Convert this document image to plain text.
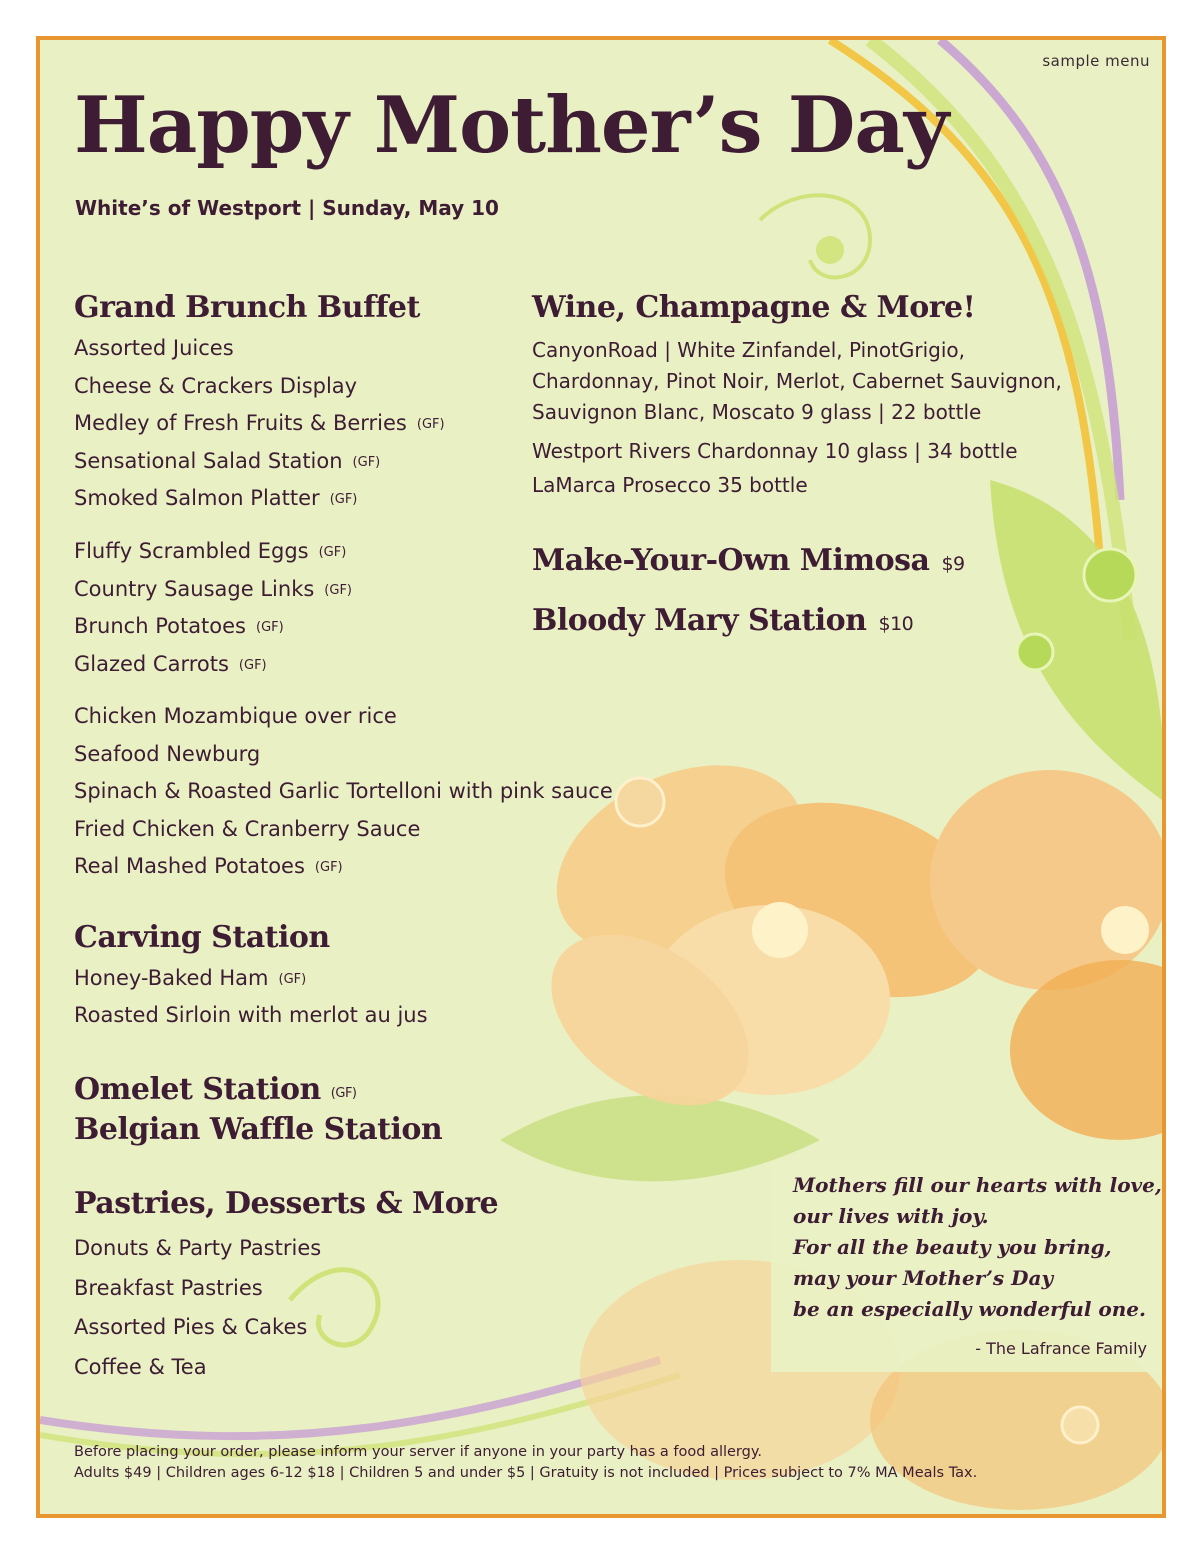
sample menu
Happy Mother’s Day
White’s of Westport | Sunday, May 10
Grand Brunch Buffet
Assorted Juices
Cheese & Crackers Display
Medley of Fresh Fruits & Berries (GF)
Sensational Salad Station (GF)
Smoked Salmon Platter (GF)
Fluffy Scrambled Eggs (GF)
Country Sausage Links (GF)
Brunch Potatoes (GF)
Glazed Carrots (GF)
Chicken Mozambique over rice
Seafood Newburg
Spinach & Roasted Garlic Tortelloni with pink sauce
Fried Chicken & Cranberry Sauce
Real Mashed Potatoes (GF)
Carving Station
Honey-Baked Ham (GF)
Roasted Sirloin with merlot au jus
Omelet Station (GF)
Belgian Waffle Station
Pastries, Desserts & More
Donuts & Party Pastries
Breakfast Pastries
Assorted Pies & Cakes
Coffee & Tea
Wine, Champagne & More!
CanyonRoad | White Zinfandel, PinotGrigio,
Chardonnay, Pinot Noir, Merlot, Cabernet Sauvignon,
Sauvignon Blanc, Moscato 9 glass | 22 bottle
Westport Rivers Chardonnay 10 glass | 34 bottle
LaMarca Prosecco 35 bottle
Make-Your-Own Mimosa $9
Bloody Mary Station $10
Mothers fill our hearts with love,
our lives with joy.
For all the beauty you bring,
may your Mother’s Day
be an especially wonderful one.
- The Lafrance Family
Before placing your order, please inform your server if anyone in your party has a food allergy.
Adults $49 | Children ages 6-12 $18 | Children 5 and under $5 | Gratuity is not included | Prices subject to 7% MA Meals Tax.
